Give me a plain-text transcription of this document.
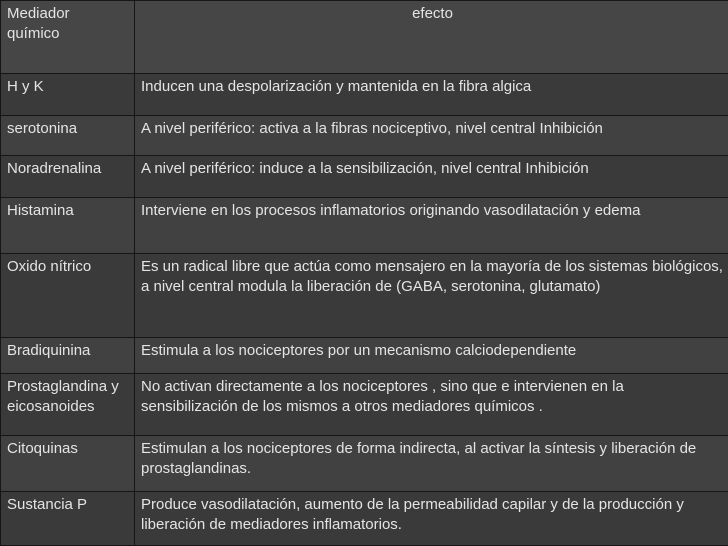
Mediador
químico	efecto
H y K	Inducen una despolarización y mantenida en la fibra algica
serotonina	A nivel periférico: activa a la fibras nociceptivo, nivel central Inhibición
Noradrenalina	A nivel periférico: induce a la sensibilización, nivel central Inhibición
Histamina	Interviene en los procesos inflamatorios originando vasodilatación y edema
Oxido nítrico	Es un radical libre que actúa como mensajero en la mayoría de los sistemas biológicos, a nivel central modula la liberación de (GABA, serotonina, glutamato)
Bradiquinina	Estimula a los nociceptores por un mecanismo calciodependiente
Prostaglandina y eicosanoides	No activan directamente a los nociceptores , sino que e intervienen en la sensibilización de los mismos a otros mediadores químicos .
Citoquinas	Estimulan a los nociceptores de forma indirecta, al activar la síntesis y liberación de prostaglandinas.
Sustancia P	Produce vasodilatación, aumento de la permeabilidad capilar y de la producción y liberación de mediadores inflamatorios.
